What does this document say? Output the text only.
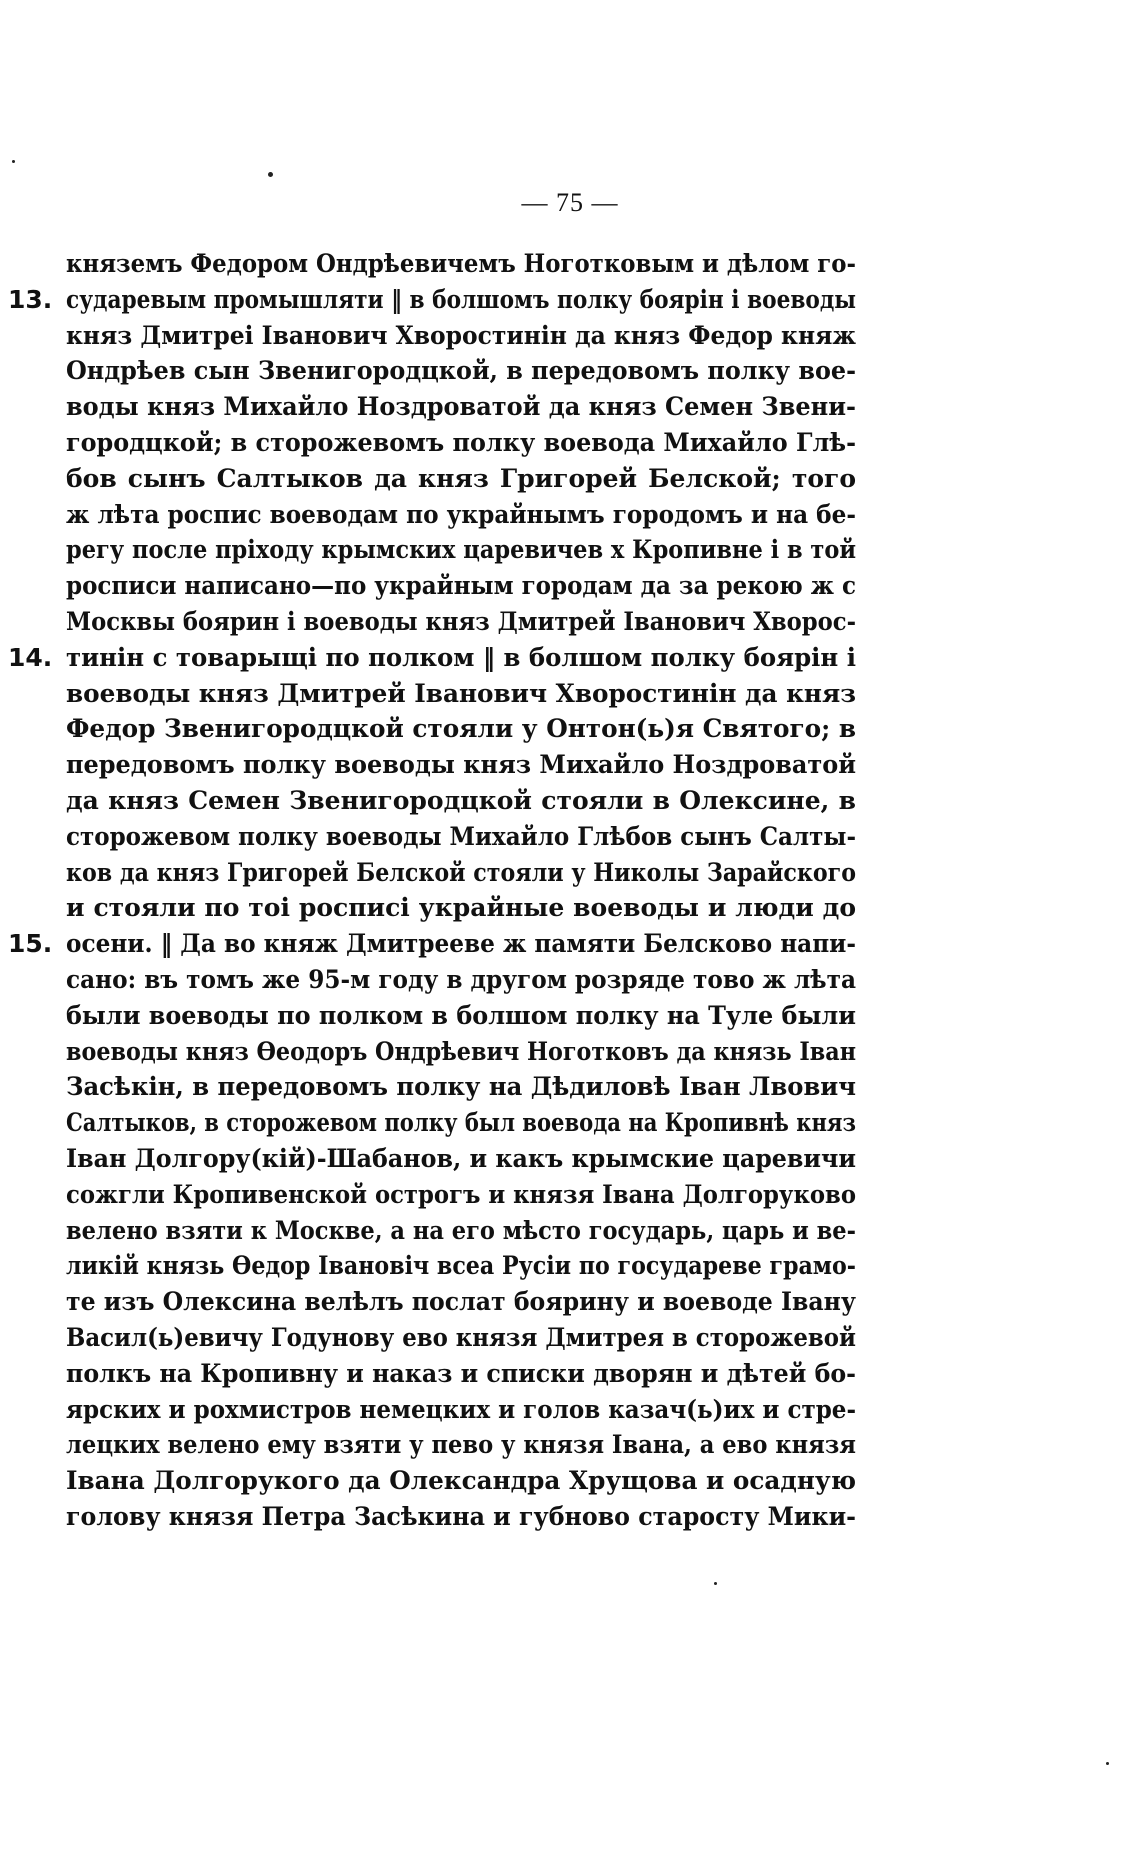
— 75 —
княземъ Федором Ондрѣевичемъ Ноготковым и дѣлом го-
13. сударевым промышляти ‖ в болшомъ полку боярін і воеводы
княз Дмитреі Іванович Хворостинін да княз Федор княж
Ондрѣев сын Звенигородцкой, в передовомъ полку вое-
воды княз Михайло Ноздроватой да княз Семен Звени-
городцкой; в сторожевомъ полку воевода Михайло Глѣ-
бов сынъ Салтыков да княз Григорей Белской; того
ж лѣта роспис воеводам по украйнымъ городомъ и на бе-
регу после пріходу крымских царевичев х Кропивне і в той
росписи написано—по украйным городам да за рекою ж с
Москвы боярин і воеводы княз Дмитрей Іванович Хворос-
14. тинін с товарыщі по полком ‖ в болшом полку боярін і
воеводы княз Дмитрей Іванович Хворостинін да княз
Федор Звенигородцкой стояли у Онтон(ь)я Святого; в
передовомъ полку воеводы княз Михайло Ноздроватой
да княз Семен Звенигородцкой стояли в Олексине, в
сторожевом полку воеводы Михайло Глѣбов сынъ Салты-
ков да княз Григорей Белской стояли у Николы Зарайского
и стояли по тоі росписі украйные воеводы и люди до
15. осени. ‖ Да во княж Дмитрееве ж памяти Белсково напи-
сано: въ томъ же 95-м году в другом розряде тово ж лѣта
были воеводы по полком в болшом полку на Туле были
воеводы княз Өеодоръ Ондрѣевич Ноготковъ да князь Іван
Засѣкін, в передовомъ полку на Дѣдиловѣ Іван Лвович
Салтыков, в сторожевом полку был воевода на Кропивнѣ княз
Іван Долгору(кій)-Шабанов, и какъ крымские царевичи
сожгли Кропивенской острогъ и князя Івана Долгоруково
велено взяти к Москве, а на его мѣсто государь, царь и ве-
ликій князь Өедор Івановіч всеа Русіи по государеве грамо-
те изъ Олексина велѣлъ послат боярину и воеводе Івану
Васил(ь)евичу Годунову ево князя Дмитрея в сторожевой
полкъ на Кропивну и наказ и списки дворян и дѣтей бо-
ярских и рохмистров немецких и голов казач(ь)их и стре-
лецких велено ему взяти у пево у князя Івана, а ево князя
Івана Долгорукого да Олександра Хрущова и осадную
голову князя Петра Засѣкина и губново старосту Мики-
